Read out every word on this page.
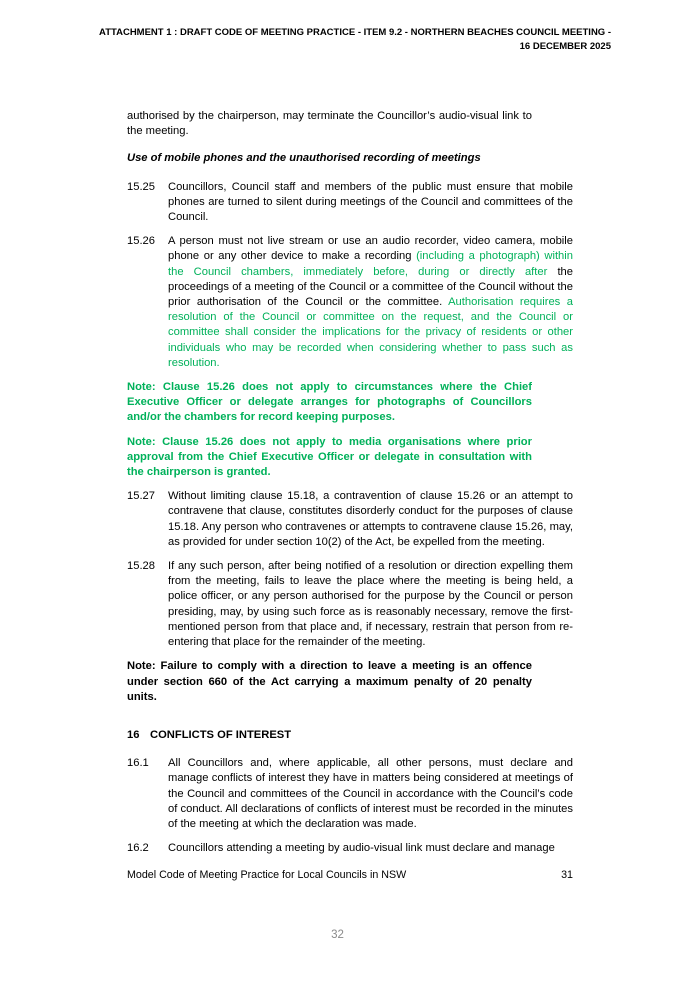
ATTACHMENT 1 : DRAFT CODE OF MEETING PRACTICE - ITEM 9.2 - NORTHERN BEACHES COUNCIL MEETING -
16 DECEMBER 2025

authorised by the chairperson, may terminate the Councillor’s audio-visual link to the meeting.

Use of mobile phones and the unauthorised recording of meetings

15.25 Councillors, Council staff and members of the public must ensure that mobile phones are turned to silent during meetings of the Council and committees of the Council.
15.26 A person must not live stream or use an audio recorder, video camera, mobile phone or any other device to make a recording (including a photograph) within the Council chambers, immediately before, during or directly after the proceedings of a meeting of the Council or a committee of the Council without the prior authorisation of the Council or the committee. Authorisation requires a resolution of the Council or committee on the request, and the Council or committee shall consider the implications for the privacy of residents or other individuals who may be recorded when considering whether to pass such as resolution.

Note: Clause 15.26 does not apply to circumstances where the Chief Executive Officer or delegate arranges for photographs of Councillors and/or the chambers for record keeping purposes.

Note: Clause 15.26 does not apply to media organisations where prior approval from the Chief Executive Officer or delegate in consultation with the chairperson is granted.

15.27 Without limiting clause 15.18, a contravention of clause 15.26 or an attempt to contravene that clause, constitutes disorderly conduct for the purposes of clause 15.18. Any person who contravenes or attempts to contravene clause 15.26, may, as provided for under section 10(2) of the Act, be expelled from the meeting.
15.28 If any such person, after being notified of a resolution or direction expelling them from the meeting, fails to leave the place where the meeting is being held, a police officer, or any person authorised for the purpose by the Council or person presiding, may, by using such force as is reasonably necessary, remove the first-mentioned person from that place and, if necessary, restrain that person from re-entering that place for the remainder of the meeting.

Note: Failure to comply with a direction to leave a meeting is an offence under section 660 of the Act carrying a maximum penalty of 20 penalty units.

16 CONFLICTS OF INTEREST
16.1 All Councillors and, where applicable, all other persons, must declare and manage conflicts of interest they have in matters being considered at meetings of the Council and committees of the Council in accordance with the Council’s code of conduct. All declarations of conflicts of interest must be recorded in the minutes of the meeting at which the declaration was made.
16.2 Councillors attending a meeting by audio-visual link must declare and manage
Model Code of Meeting Practice for Local Councils in NSW	31
32
